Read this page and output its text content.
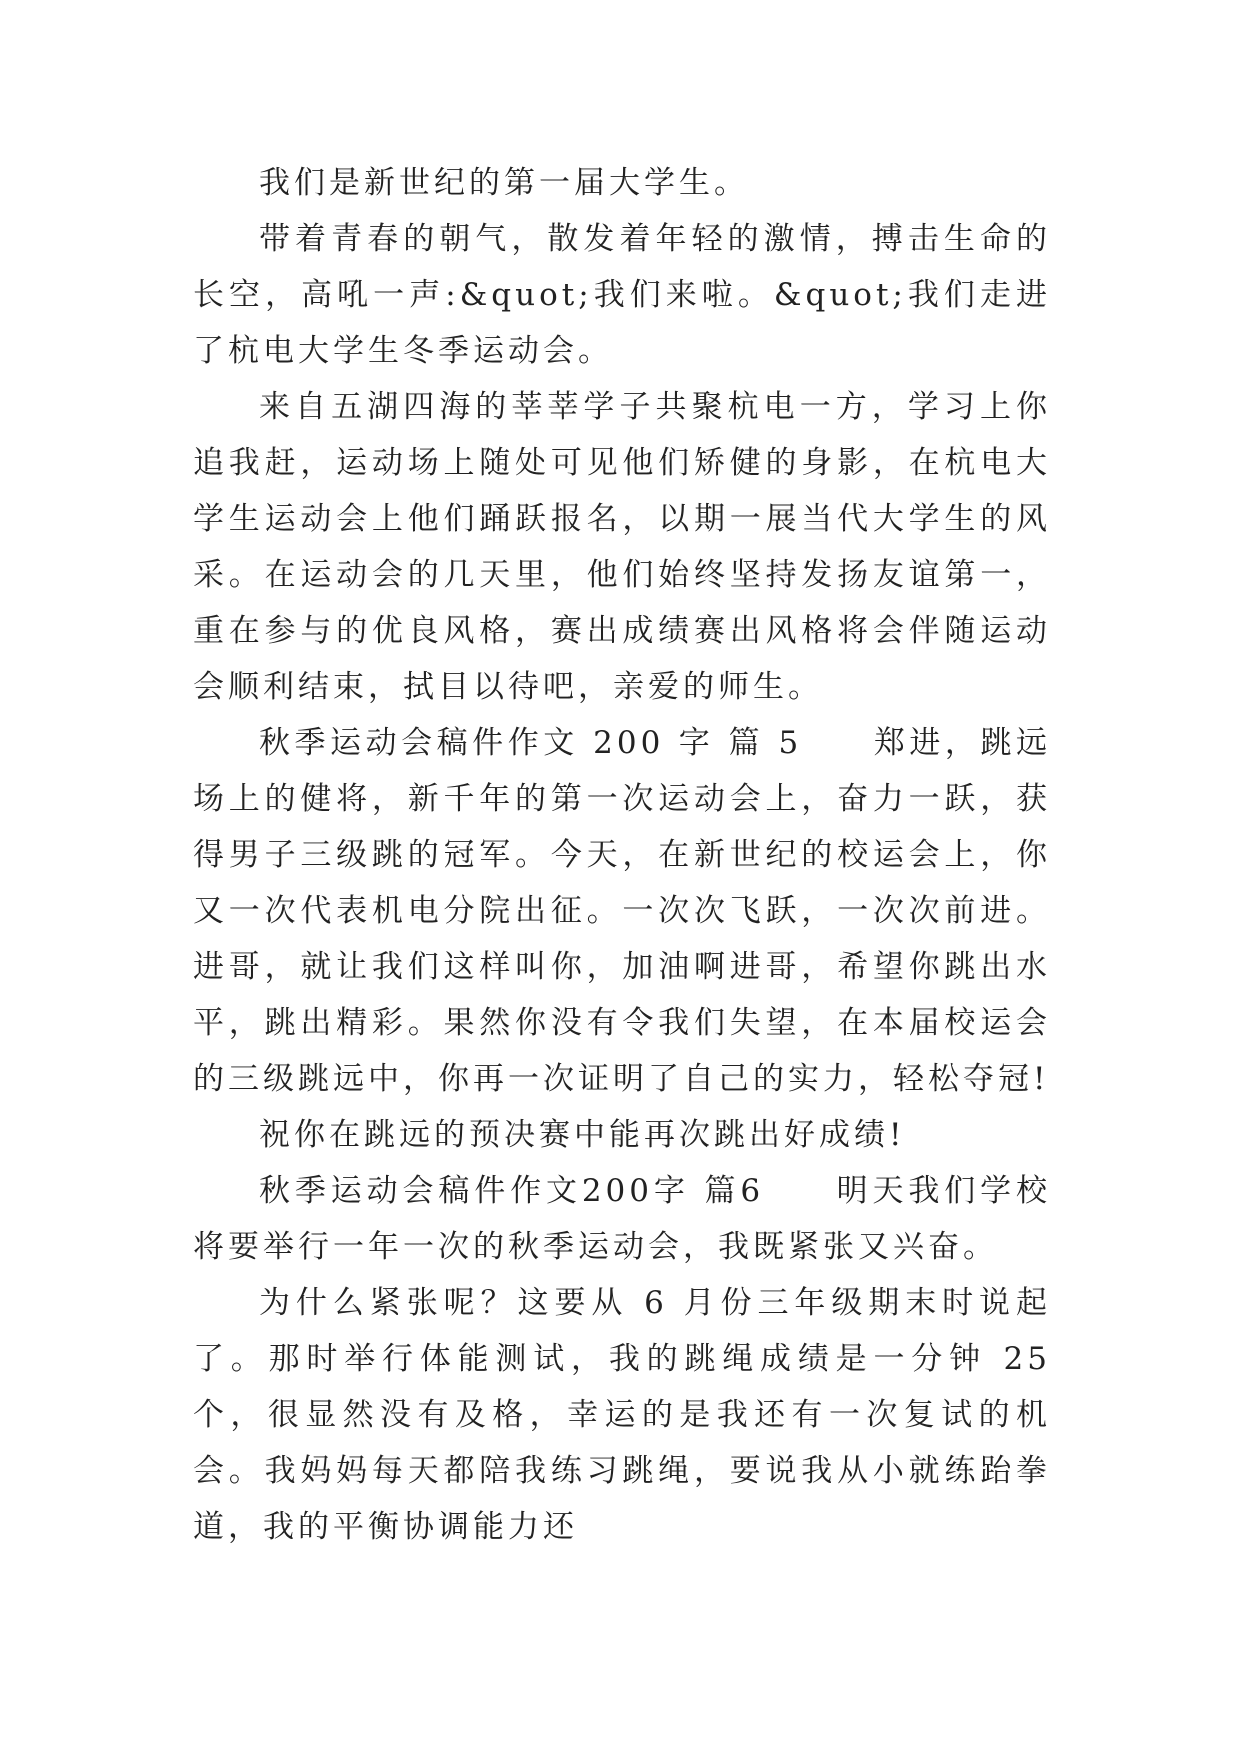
我们是新世纪的第一届大学生。

带着青春的朝气，散发着年轻的激情，搏击生命的长空，高吼一声:&quot;我们来啦。&quot;我们走进了杭电大学生冬季运动会。

来自五湖四海的莘莘学子共聚杭电一方，学习上你追我赶，运动场上随处可见他们矫健的身影，在杭电大学生运动会上他们踊跃报名，以期一展当代大学生的风采。在运动会的几天里，他们始终坚持发扬友谊第一，重在参与的优良风格，赛出成绩赛出风格将会伴随运动会顺利结束，拭目以待吧，亲爱的师生。

秋季运动会稿件作文 200 字 篇 5　　郑进，跳远场上的健将，新千年的第一次运动会上，奋力一跃，获得男子三级跳的冠军。今天，在新世纪的校运会上，你又一次代表机电分院出征。一次次飞跃，一次次前进。进哥，就让我们这样叫你，加油啊进哥，希望你跳出水平，跳出精彩。果然你没有令我们失望，在本届校运会的三级跳远中，你再一次证明了自己的实力，轻松夺冠!

祝你在跳远的预决赛中能再次跳出好成绩!

秋季运动会稿件作文200字 篇6　　明天我们学校将要举行一年一次的秋季运动会，我既紧张又兴奋。

为什么紧张呢？这要从 6 月份三年级期末时说起了。那时举行体能测试，我的跳绳成绩是一分钟 25 个，很显然没有及格，幸运的是我还有一次复试的机会。我妈妈每天都陪我练习跳绳，要说我从小就练跆拳道，我的平衡协调能力还
